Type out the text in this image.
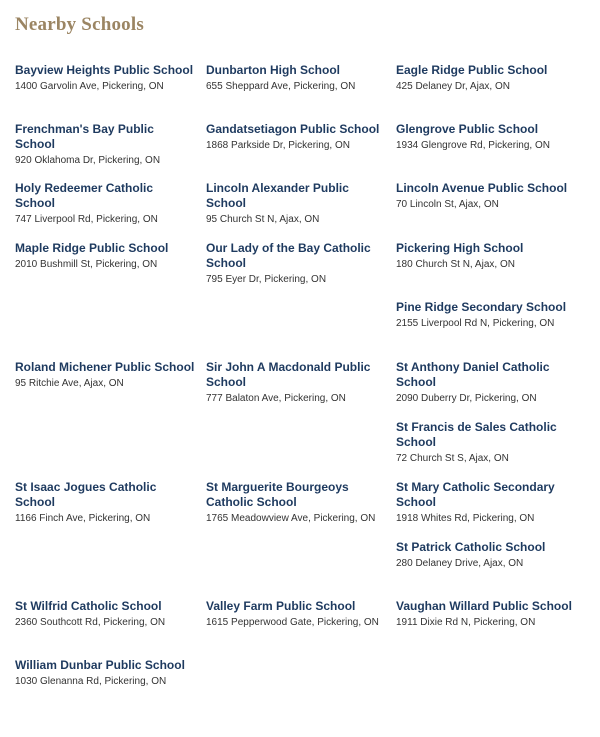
Nearby Schools
Bayview Heights Public School
1400 Garvolin Ave, Pickering, ON
Dunbarton High School
655 Sheppard Ave, Pickering, ON
Eagle Ridge Public School
425 Delaney Dr, Ajax, ON
Frenchman's Bay Public School
920 Oklahoma Dr, Pickering, ON
Gandatsetiagon Public School
1868 Parkside Dr, Pickering, ON
Glengrove Public School
1934 Glengrove Rd, Pickering, ON
Holy Redeemer Catholic School
747 Liverpool Rd, Pickering, ON
Lincoln Alexander Public School
95 Church St N, Ajax, ON
Lincoln Avenue Public School
70 Lincoln St, Ajax, ON
Maple Ridge Public School
2010 Bushmill St, Pickering, ON
Our Lady of the Bay Catholic School
795 Eyer Dr, Pickering, ON
Pickering High School
180 Church St N, Ajax, ON
Pine Ridge Secondary School
2155 Liverpool Rd N, Pickering, ON
Roland Michener Public School
95 Ritchie Ave, Ajax, ON
Sir John A Macdonald Public School
777 Balaton Ave, Pickering, ON
St Anthony Daniel Catholic School
2090 Duberry Dr, Pickering, ON
St Francis de Sales Catholic School
72 Church St S, Ajax, ON
St Isaac Jogues Catholic School
1166 Finch Ave, Pickering, ON
St Marguerite Bourgeoys Catholic School
1765 Meadowview Ave, Pickering, ON
St Mary Catholic Secondary School
1918 Whites Rd, Pickering, ON
St Patrick Catholic School
280 Delaney Drive, Ajax, ON
St Wilfrid Catholic School
2360 Southcott Rd, Pickering, ON
Valley Farm Public School
1615 Pepperwood Gate, Pickering, ON
Vaughan Willard Public School
1911 Dixie Rd N, Pickering, ON
William Dunbar Public School
1030 Glenanna Rd, Pickering, ON
